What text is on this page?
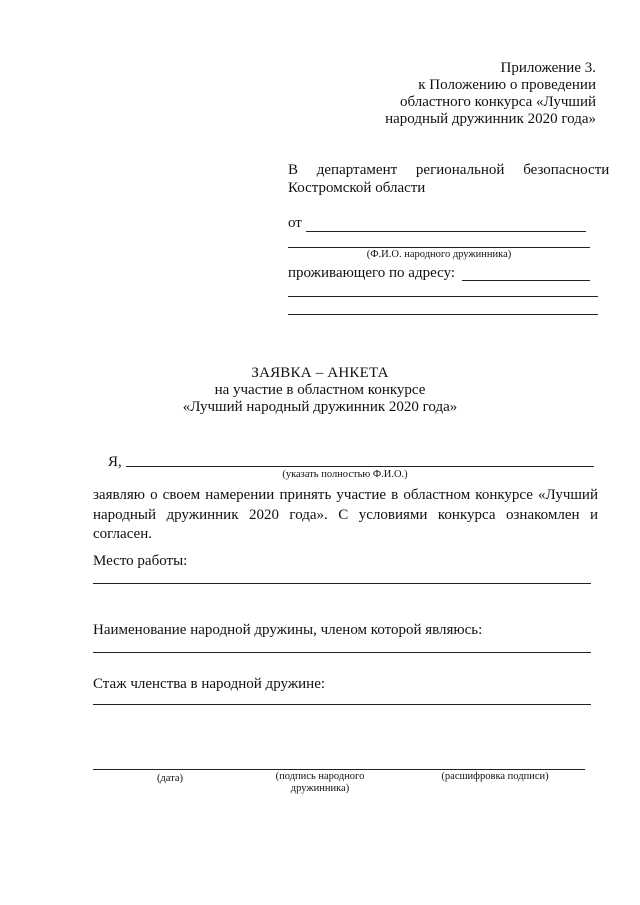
Приложение 3.
к Положению о проведении
областного конкурса «Лучший
народный дружинник 2020 года»
В     департамент     региональной     безопасности
Костромской области
от
(Ф.И.О. народного дружинника)
проживающего по адресу:
ЗАЯВКА – АНКЕТА
на участие в областном конкурсе
«Лучший народный дружинник 2020 года»
Я,
(указать полностью Ф.И.О.)
заявляю о своем намерении принять участие в областном конкурсе «Лучший народный дружинник 2020 года». С условиями конкурса ознакомлен и согласен.
Место работы:
Наименование народной дружины, членом которой являюсь:
Стаж членства в народной дружине:
(дата)	(подпись народного
дружинника)
(расшифровка подписи)
